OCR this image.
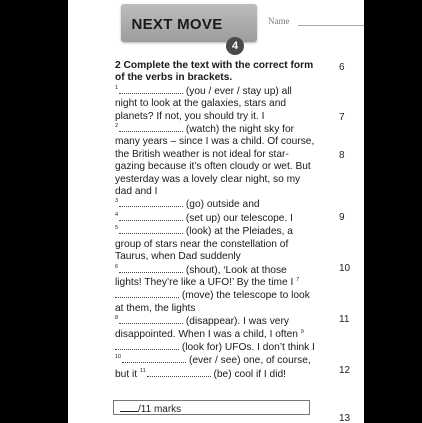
NEXT MOVE
4
Name
2 Complete the text with the correct form of the verbs in brackets.
$^1$	(you / ever / stay up) all night to look at the galaxies, stars and planets? If not, you should try it. I
$^2$	(watch) the night sky for many years – since I was a child. Of course, the British weather is not ideal for star-gazing because it’s often cloudy or wet. But yesterday was a lovely clear night, so my dad and I
$^3$	(go) outside and
$^4$	(set up) our telescope. I
$^5$	(look) at the Pleiades, a group of stars near the constellation of Taurus, when Dad suddenly
$^6$	(shout), ‘Look at those lights! They’re like a UFO!’ By the time I $^7$ (move) the telescope to look at them, the lights
$^8$	(disappear). I was very disappointed. When I was a child, I often $^9$ (look for) UFOs. I don’t think I $^{10}$	(ever / see) one, of course, but it $^{11}$	(be) cool if I did!
6
7
8
9
10
11
12
13
/11 marks
